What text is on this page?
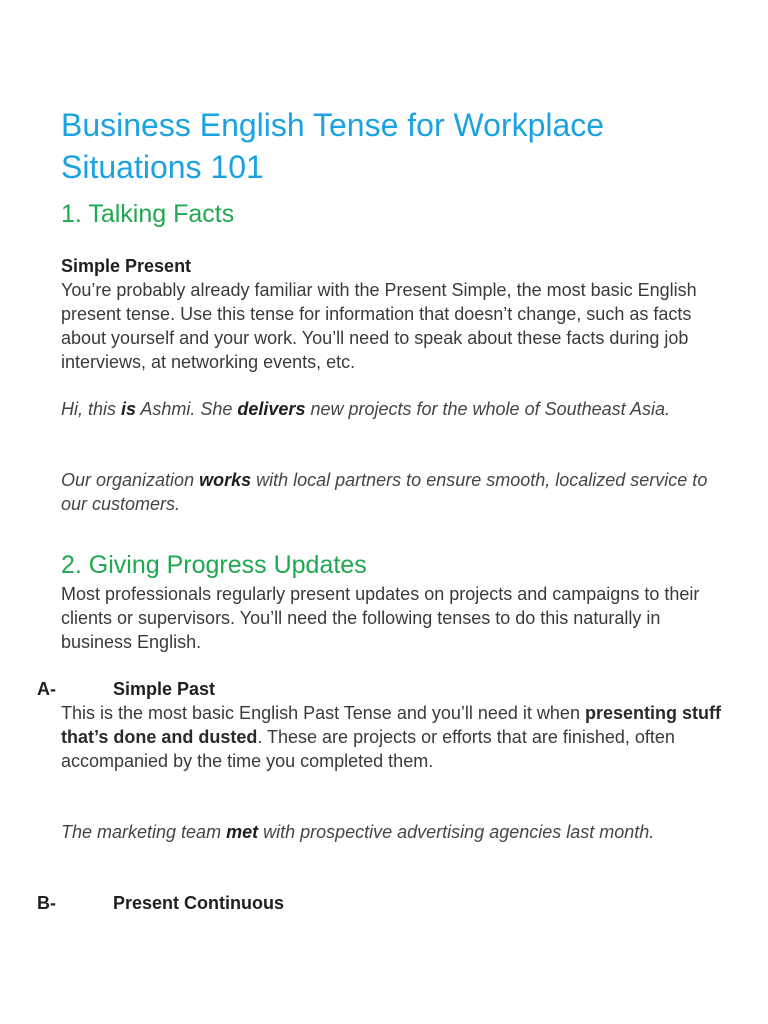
Business English Tense for Workplace Situations 101
1. Talking Facts
Simple Present

You’re probably already familiar with the Present Simple, the most basic English present tense. Use this tense for information that doesn’t change, such as facts about yourself and your work. You’ll need to speak about these facts during job interviews, at networking events, etc.

Hi, this is Ashmi. She delivers new projects for the whole of Southeast Asia.

Our organization works with local partners to ensure smooth, localized service to our customers.

2. Giving Progress Updates

Most professionals regularly present updates on projects and campaigns to their clients or supervisors. You’ll need the following tenses to do this naturally in business English.

A-	Simple Past

This is the most basic English Past Tense and you’ll need it when presenting stuff that’s done and dusted. These are projects or efforts that are finished, often accompanied by the time you completed them.

The marketing team met with prospective advertising agencies last month.

B-	Present Continuous
